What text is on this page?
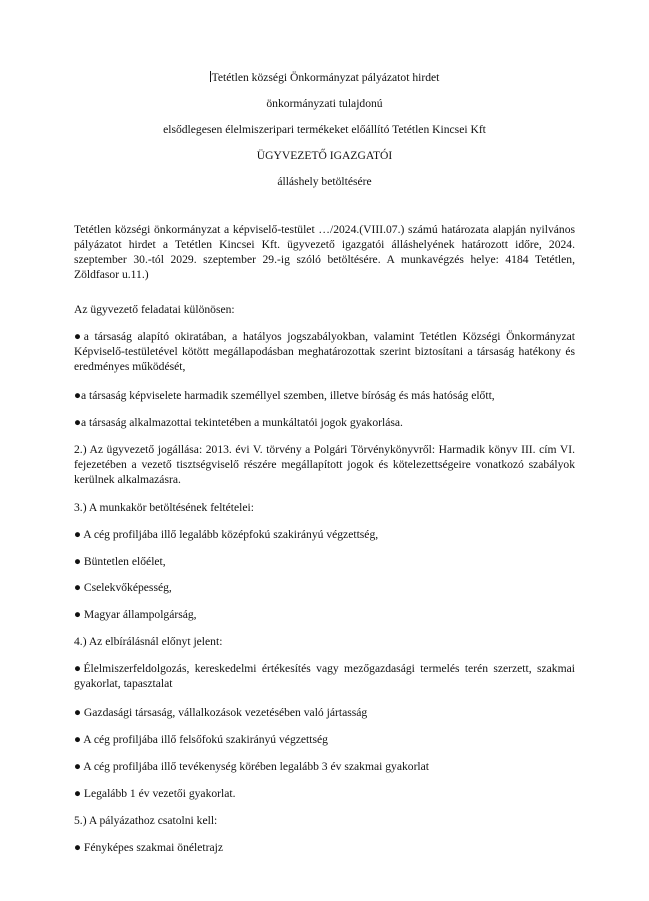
Tetétlen községi Önkormányzat pályázatot hirdet
önkormányzati tulajdonú
elsődlegesen élelmiszeripari termékeket előállító Tetétlen Kincsei Kft
ÜGYVEZETŐ IGAZGATÓI
álláshely betöltésére
Tetétlen községi önkormányzat a képviselő-testület …/2024.(VIII.07.) számú határozata alapján nyilvános pályázatot hirdet a Tetétlen Kincsei Kft. ügyvezető igazgatói álláshelyének határozott időre, 2024. szeptember 30.-tól 2029. szeptember 29.-ig szóló betöltésére. A munkavégzés helye: 4184 Tetétlen, Zöldfasor u.11.)
Az ügyvezető feladatai különösen:
●a társaság alapító okiratában, a hatályos jogszabályokban, valamint Tetétlen Községi Önkormányzat Képviselő-testületével kötött megállapodásban meghatározottak szerint biztosítani a társaság hatékony és eredményes működését,
●a társaság képviselete harmadik személlyel szemben, illetve bíróság és más hatóság előtt,
●a társaság alkalmazottai tekintetében a munkáltatói jogok gyakorlása.
2.) Az ügyvezető jogállása: 2013. évi V. törvény a Polgári Törvénykönyvről: Harmadik könyv III. cím VI. fejezetében a vezető tisztségviselő részére megállapított jogok és kötelezettségeire vonatkozó szabályok kerülnek alkalmazásra.
3.) A munkakör betöltésének feltételei:
● A cég profiljába illő legalább középfokú szakirányú végzettség,
● Büntetlen előélet,
● Cselekvőképesség,
● Magyar állampolgárság,
4.) Az elbírálásnál előnyt jelent:
●Élelmiszerfeldolgozás, kereskedelmi értékesítés vagy mezőgazdasági termelés terén szerzett, szakmai gyakorlat, tapasztalat
● Gazdasági társaság, vállalkozások vezetésében való jártasság
● A cég profiljába illő felsőfokú szakirányú végzettség
● A cég profiljába illő tevékenység körében legalább 3 év szakmai gyakorlat
● Legalább 1 év vezetői gyakorlat.
5.) A pályázathoz csatolni kell:
● Fényképes szakmai önéletrajz
